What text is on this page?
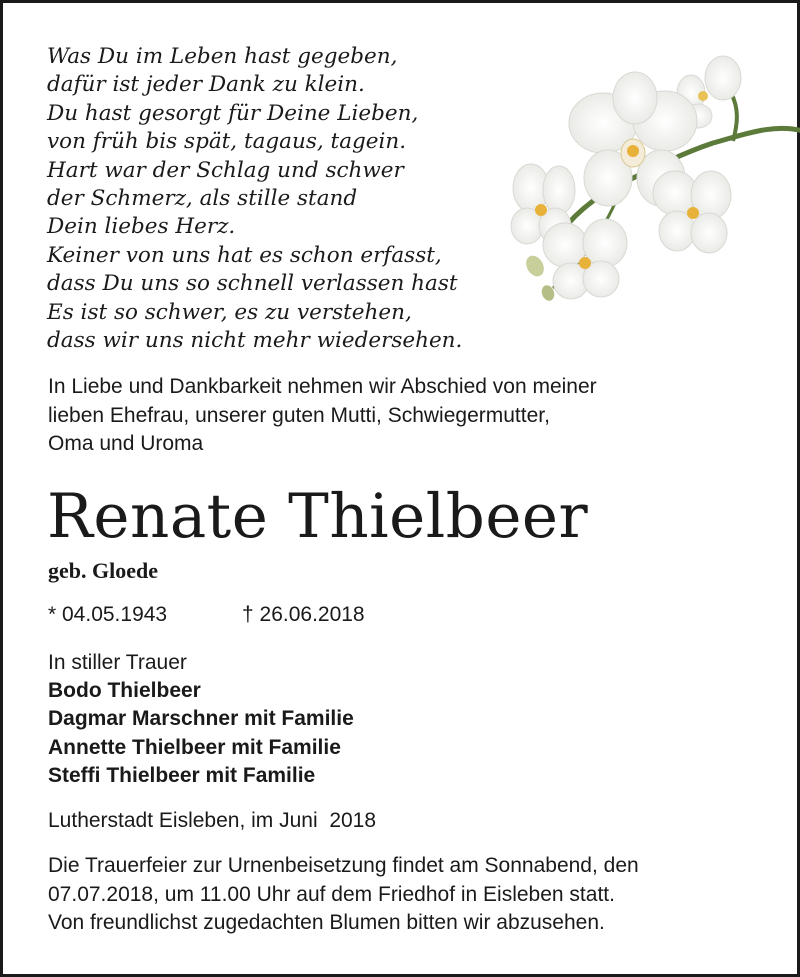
Was Du im Leben hast gegeben,
dafür ist jeder Dank zu klein.
Du hast gesorgt für Deine Lieben,
von früh bis spät, tagaus, tagein.
Hart war der Schlag und schwer
der Schmerz, als stille stand
Dein liebes Herz.
Keiner von uns hat es schon erfasst,
dass Du uns so schnell verlassen hast
Es ist so schwer, es zu verstehen,
dass wir uns nicht mehr wiedersehen.
In Liebe und Dankbarkeit nehmen wir Abschied von meiner
lieben Ehefrau, unserer guten Mutti, Schwiegermutter,
Oma und Uroma
Renate Thielbeer
geb. Gloede
* 04.05.1943	† 26.06.2018
In stiller Trauer
Bodo Thielbeer
Dagmar Marschner mit Familie
Annette Thielbeer mit Familie
Steffi Thielbeer mit Familie
Lutherstadt Eisleben, im Juni  2018
Die Trauerfeier zur Urnenbeisetzung findet am Sonnabend, den
07.07.2018, um 11.00 Uhr auf dem Friedhof in Eisleben statt.
Von freundlichst zugedachten Blumen bitten wir abzusehen.
